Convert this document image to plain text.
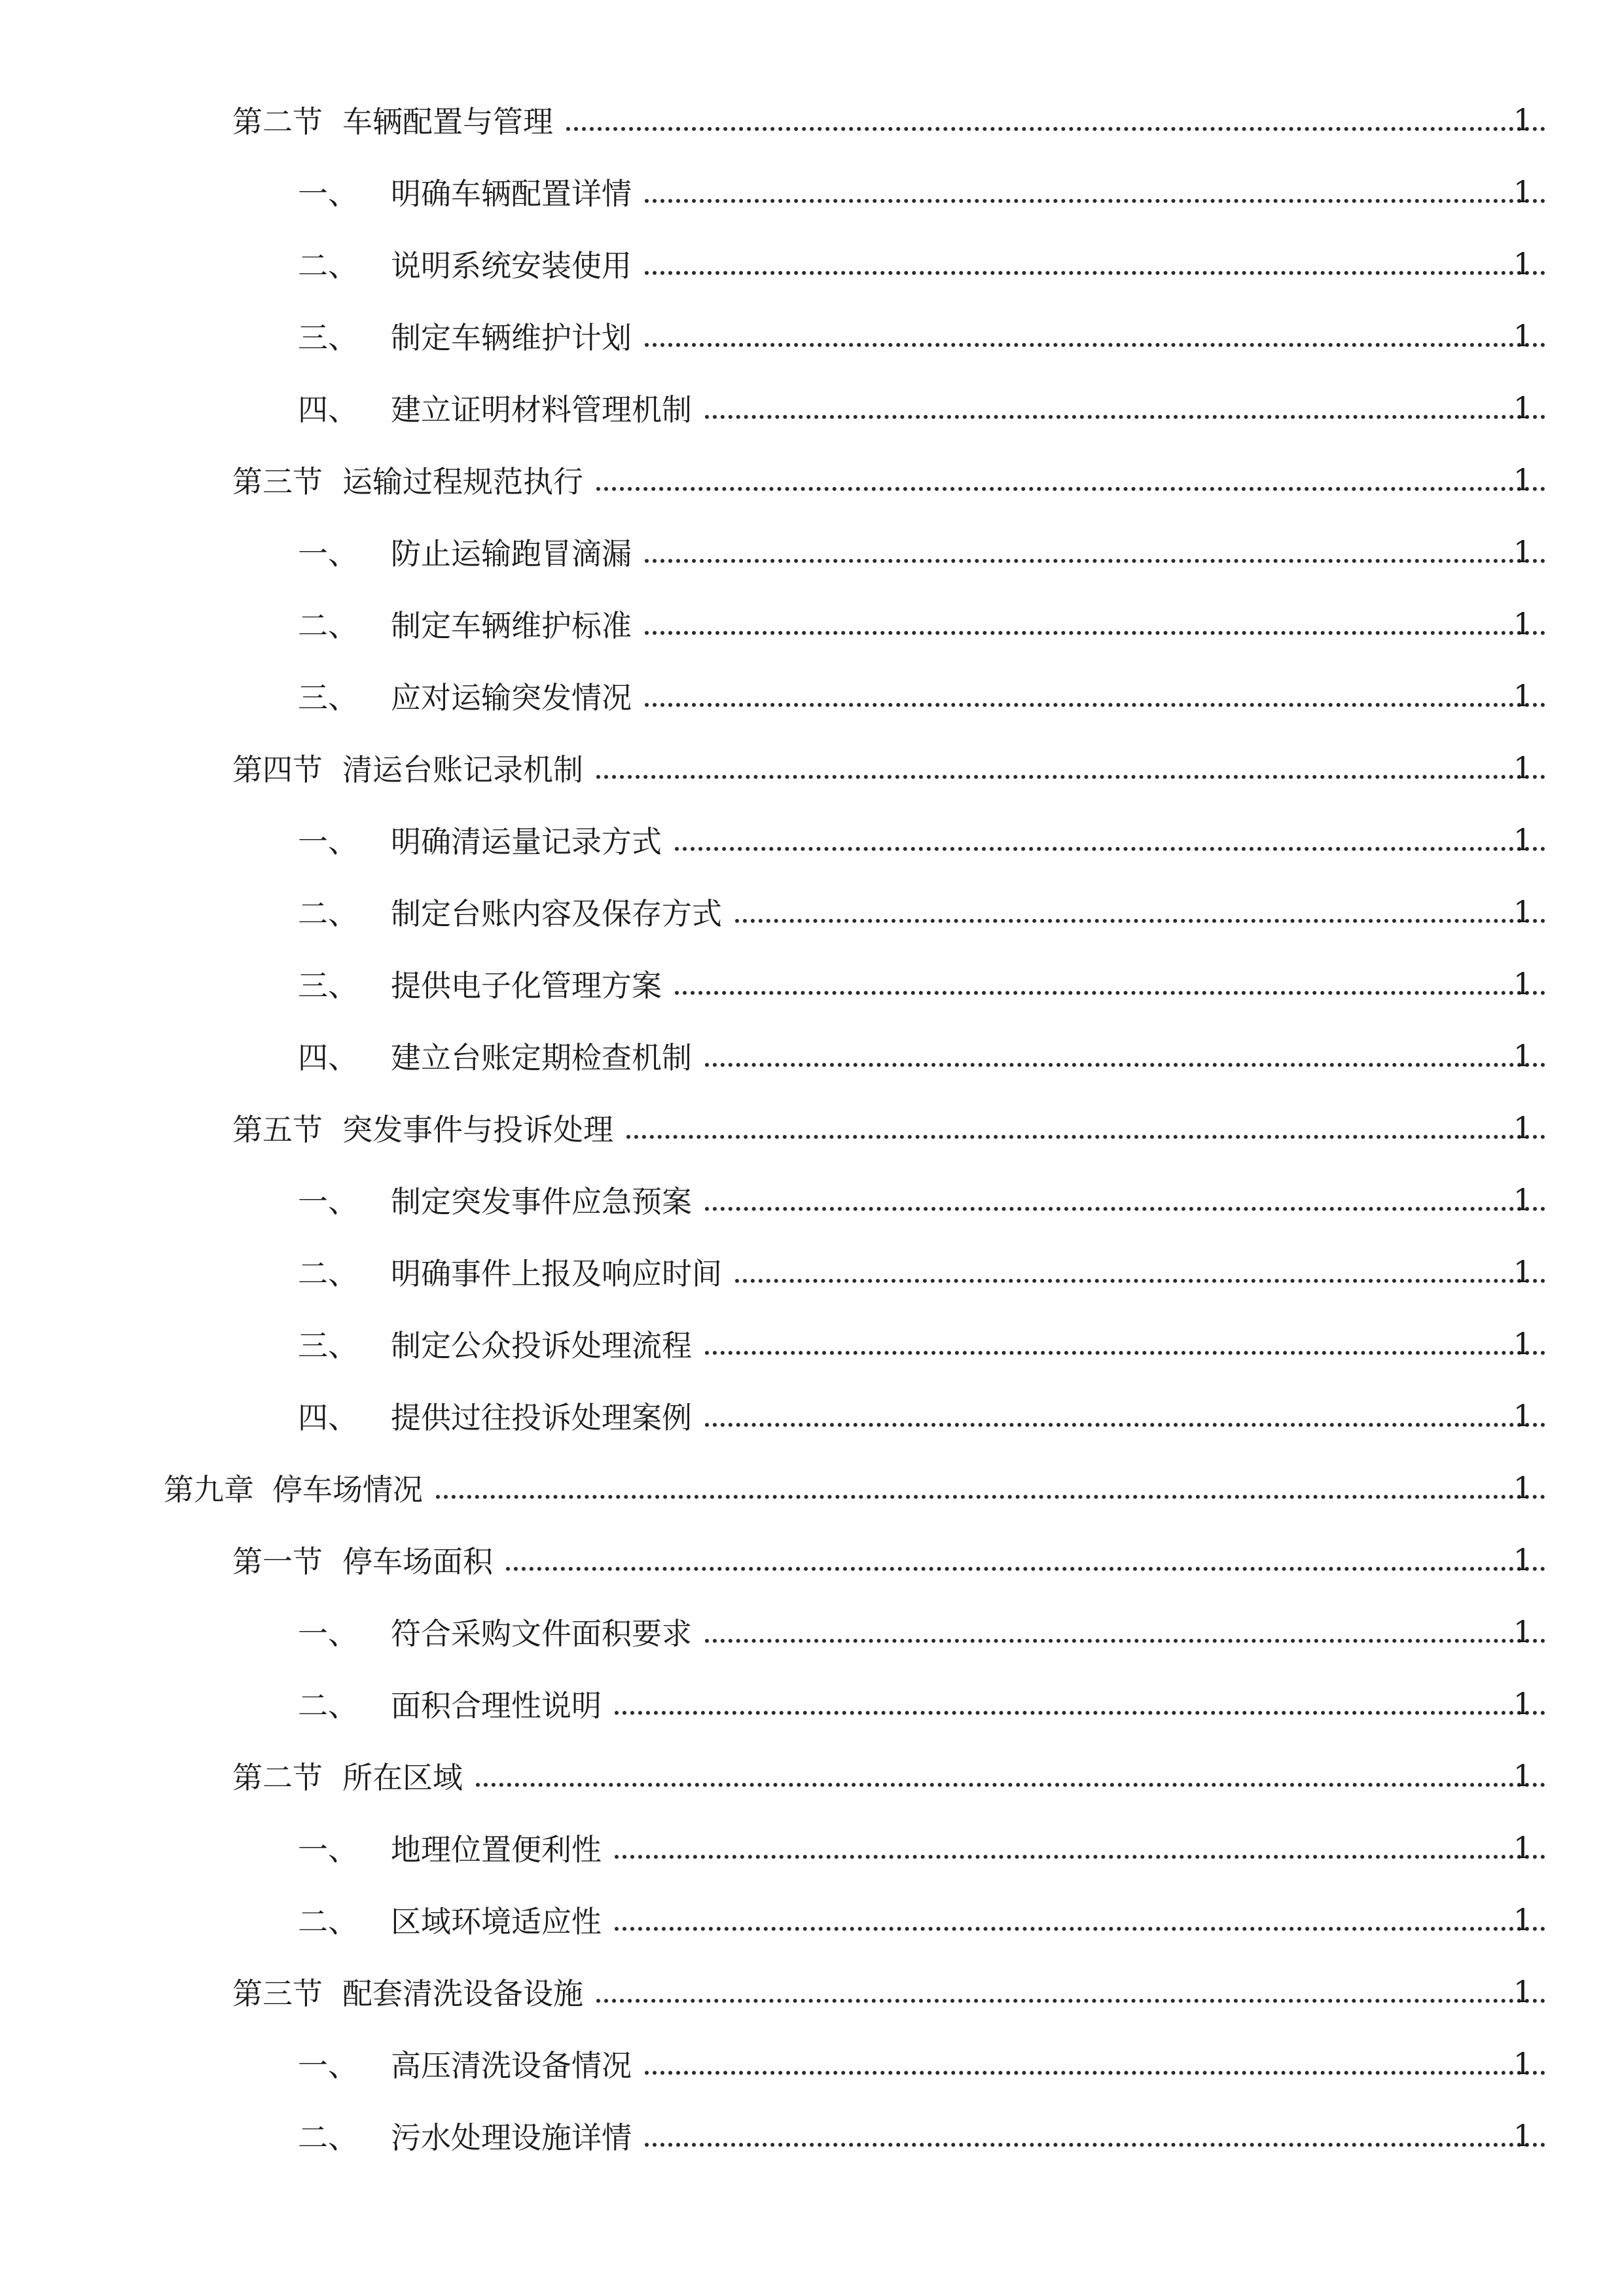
第二节 车辆配置与管理	1
一、 明确车辆配置详情	1
二、 说明系统安装使用	1
三、 制定车辆维护计划	1
四、 建立证明材料管理机制	1
第三节 运输过程规范执行	1
一、 防止运输跑冒滴漏	1
二、 制定车辆维护标准	1
三、 应对运输突发情况	1
第四节 清运台账记录机制	1
一、 明确清运量记录方式	1
二、 制定台账内容及保存方式	1
三、 提供电子化管理方案	1
四、 建立台账定期检查机制	1
第五节 突发事件与投诉处理	1
一、 制定突发事件应急预案	1
二、 明确事件上报及响应时间	1
三、 制定公众投诉处理流程	1
四、 提供过往投诉处理案例	1
第九章 停车场情况	1
第一节 停车场面积	1
一、 符合采购文件面积要求	1
二、 面积合理性说明	1
第二节 所在区域	1
一、 地理位置便利性	1
二、 区域环境适应性	1
第三节 配套清洗设备设施	1
一、 高压清洗设备情况	1
二、 污水处理设施详情	1
